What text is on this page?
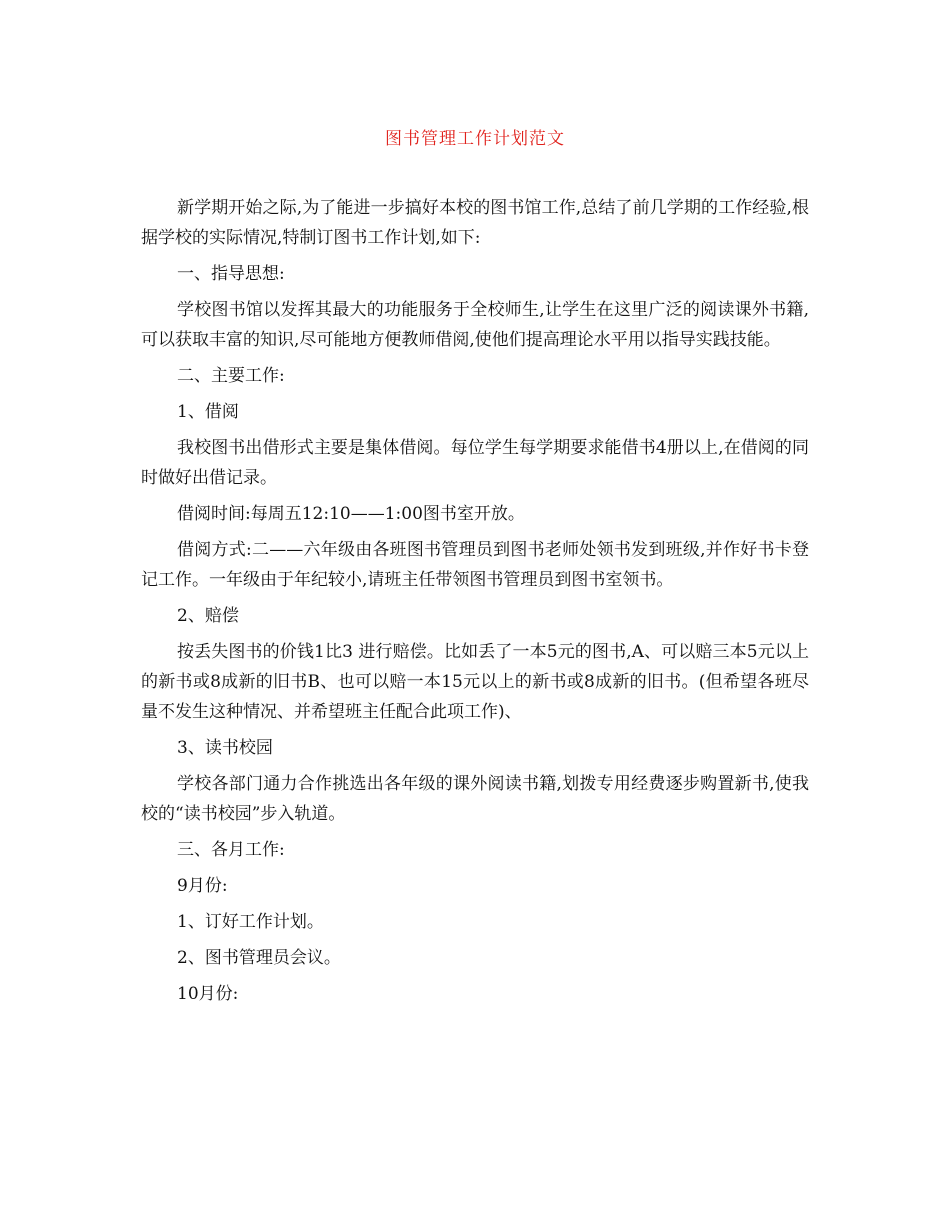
图书管理工作计划范文

新学期开始之际,为了能进一步搞好本校的图书馆工作,总结了前几学期的工作经验,根据学校的实际情况,特制订图书工作计划,如下:

一、指导思想:

学校图书馆以发挥其最大的功能服务于全校师生,让学生在这里广泛的阅读课外书籍,可以获取丰富的知识,尽可能地方便教师借阅,使他们提高理论水平用以指导实践技能。

二、主要工作:

1、借阅

我校图书出借形式主要是集体借阅。每位学生每学期要求能借书4册以上,在借阅的同时做好出借记录。

借阅时间:每周五12:10——1:00图书室开放。

借阅方式:二——六年级由各班图书管理员到图书老师处领书发到班级,并作好书卡登记工作。一年级由于年纪较小,请班主任带领图书管理员到图书室领书。

2、赔偿

按丢失图书的价钱1比3 进行赔偿。比如丢了一本5元的图书,A、可以赔三本5元以上的新书或8成新的旧书B、也可以赔一本15元以上的新书或8成新的旧书。(但希望各班尽量不发生这种情况、并希望班主任配合此项工作)、

3、读书校园

学校各部门通力合作挑选出各年级的课外阅读书籍,划拨专用经费逐步购置新书,使我校的“读书校园”步入轨道。

三、各月工作:

9月份:

1、订好工作计划。

2、图书管理员会议。

10月份:
